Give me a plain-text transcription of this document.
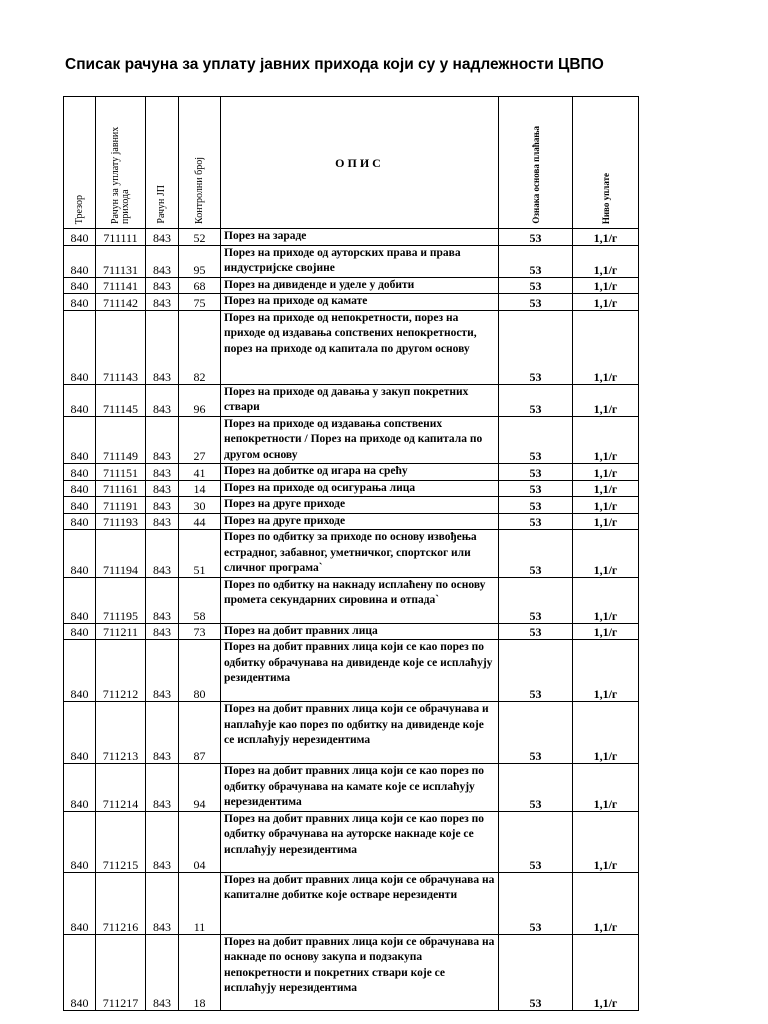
Списак рачуна за уплату јавних прихода који су у надлежности ЦВПО
Трезор	Рачун за уплату јавних прихода	Рачун ЈП	Контролни број	ОПИС	Ознака основа плаћања	Ниво уплате

840	711111	843	52	Порез на зараде	53	1,1/г
840	711131	843	95	Порез на приходе од ауторских права и права индустријске својине	53	1,1/г
840	711141	843	68	Порез на дивиденде и уделе у добити	53	1,1/г
840	711142	843	75	Порез на приходе од камате	53	1,1/г
840	711143	843	82	Порез на приходе од непокретности, порез на приходе од издавања сопствених непокретности, порез на приходе од капитала по другом основу	53	1,1/г
840	711145	843	96	Порез на приходе од давања у закуп покретних ствари	53	1,1/г
840	711149	843	27	Порез на приходе од издавања сопствених непокретности / Порез на приходе од капитала по другом основу	53	1,1/г
840	711151	843	41	Порез на добитке од игара на срећу	53	1,1/г
840	711161	843	14	Порез на приходе од осигурања лица	53	1,1/г
840	711191	843	30	Порез на друге приходе	53	1,1/г
840	711193	843	44	Порез на друге приходе	53	1,1/г
840	711194	843	51	Порез по одбитку за приходе по основу извођења естрадног, забавног, уметничког, спортског или сличног програма`	53	1,1/г
840	711195	843	58	Порез по одбитку на накнаду исплаћену по основу промета секундарних сировина и отпада`	53	1,1/г
840	711211	843	73	Порез на добит правних лица	53	1,1/г
840	711212	843	80	Порез на добит правних лица који се као порез по одбитку обрачунава на дивиденде које се исплаћују резидентима	53	1,1/г
840	711213	843	87	Порез на добит правних лица који се обрачунава и наплаћује као порез по одбитку на дивиденде које се исплаћују нерезидентима	53	1,1/г
840	711214	843	94	Порез на добит правних лица који се као порез по одбитку обрачунава на камате које се исплаћују нерезидентима	53	1,1/г
840	711215	843	04	Порез на добит правних лица који се као порез по одбитку обрачунава на ауторске накнаде које се исплаћују нерезидентима	53	1,1/г
840	711216	843	11	Порез на добит правних лица који се обрачунава на капиталне добитке које остваре нерезиденти	53	1,1/г
840	711217	843	18	Порез на добит правних лица који се обрачунава на накнаде по основу закупа и подзакупа непокретности и покретних ствари које се исплаћују нерезидентима	53	1,1/г
